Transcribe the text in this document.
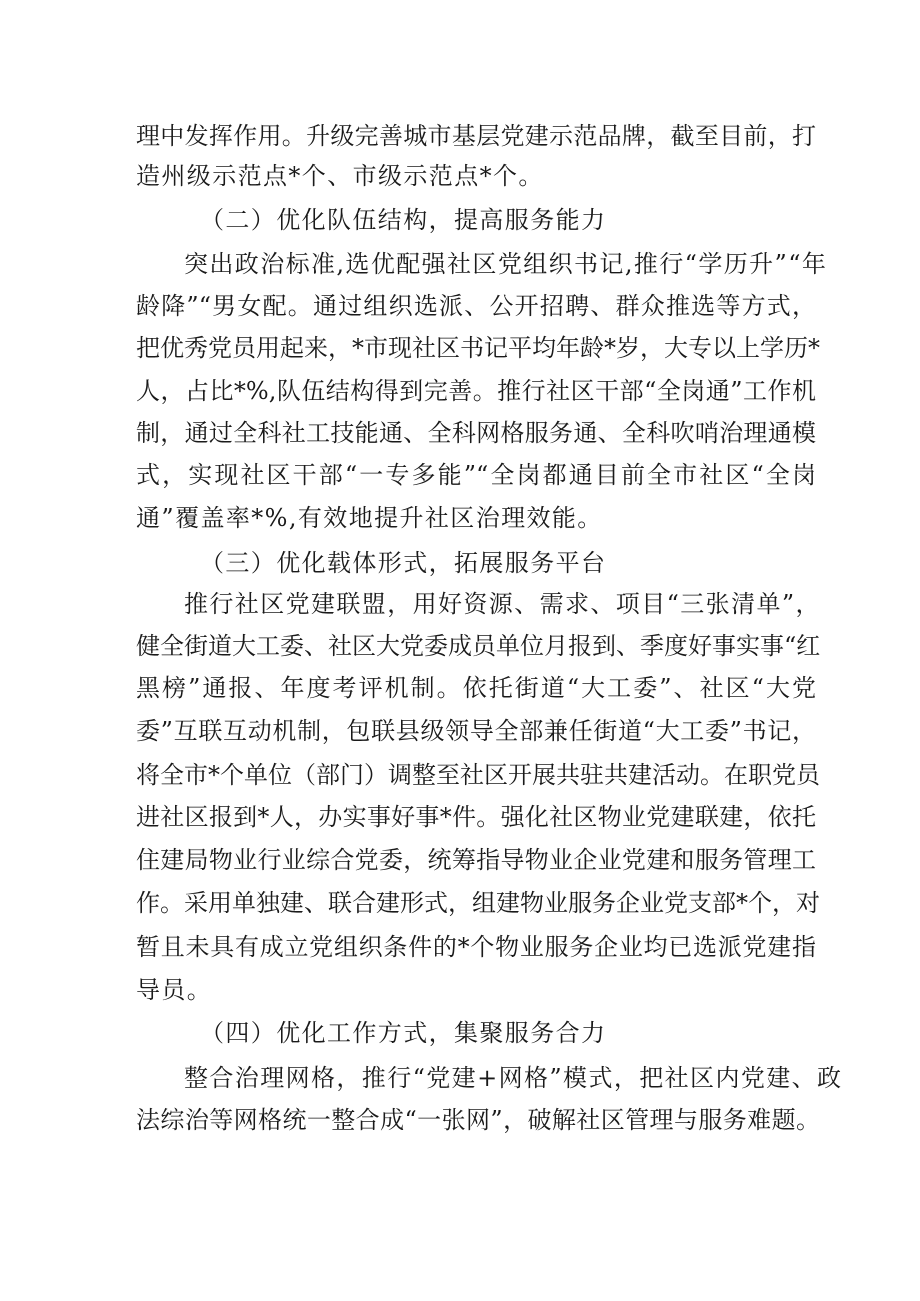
理中发挥作用。升级完善城市基层党建示范品牌，截至目前，打
造州级示范点*个、市级示范点*个。
（二）优化队伍结构，提高服务能力
突出政治标准,选优配强社区党组织书记,推行“学历升”“年
龄降”“男女配。通过组织选派、公开招聘、群众推选等方式，
把优秀党员用起来，*市现社区书记平均年龄*岁，大专以上学历*
人，占比*%,队伍结构得到完善。推行社区干部“全岗通”工作机
制，通过全科社工技能通、全科网格服务通、全科吹哨治理通模
式，实现社区干部“一专多能”“全岗都通目前全市社区“全岗
通”覆盖率*%,有效地提升社区治理效能。
（三）优化载体形式，拓展服务平台
推行社区党建联盟，用好资源、需求、项目“三张清单”，
健全街道大工委、社区大党委成员单位月报到、季度好事实事“红
黑榜”通报、年度考评机制。依托街道“大工委”、社区“大党
委”互联互动机制，包联县级领导全部兼任街道“大工委”书记，
将全市*个单位（部门）调整至社区开展共驻共建活动。在职党员
进社区报到*人，办实事好事*件。强化社区物业党建联建，依托
住建局物业行业综合党委，统筹指导物业企业党建和服务管理工
作。采用单独建、联合建形式，组建物业服务企业党支部*个，对
暂且未具有成立党组织条件的*个物业服务企业均已选派党建指
导员。
（四）优化工作方式，集聚服务合力
整合治理网格，推行“党建+网格”模式，把社区内党建、政
法综治等网格统一整合成“一张网”，破解社区管理与服务难题。
